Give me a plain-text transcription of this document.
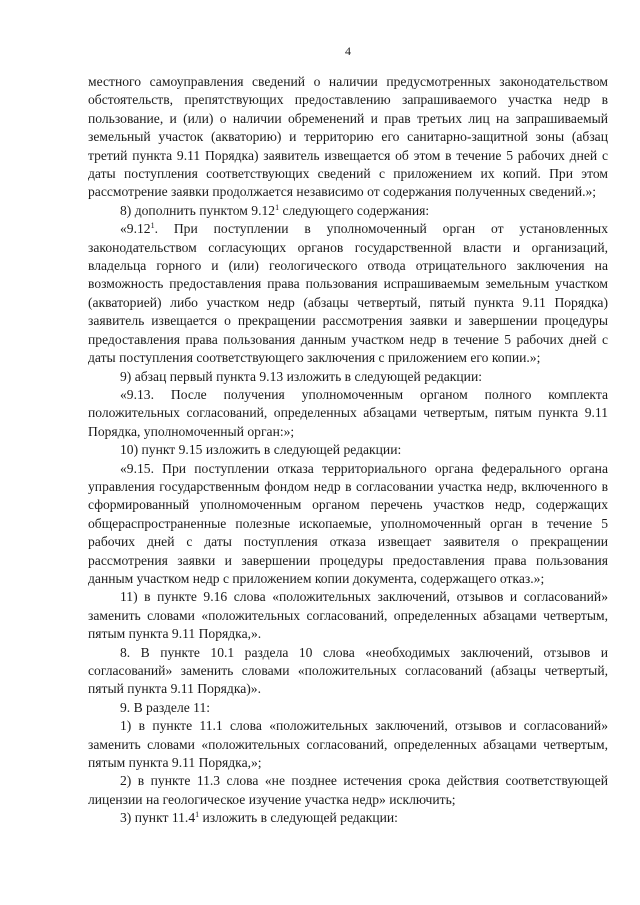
4

местного самоуправления сведений о наличии предусмотренных законодательством обстоятельств, препятствующих предоставлению запрашиваемого участка недр в пользование, и (или) о наличии обременений и прав третьих лиц на запрашиваемый земельный участок (акваторию) и территорию его санитарно-защитной зоны (абзац третий пункта 9.11 Порядка) заявитель извещается об этом в течение 5 рабочих дней с даты поступления соответствующих сведений с приложением их копий. При этом рассмотрение заявки продолжается независимо от содержания полученных сведений.»;

8) дополнить пунктом 9.12$^1$ следующего содержания:

«9.12$^1$. При поступлении в уполномоченный орган от установленных законодательством согласующих органов государственной власти и организаций, владельца горного и (или) геологического отвода отрицательного заключения на возможность предоставления права пользования испрашиваемым земельным участком (акваторией) либо участком недр (абзацы четвертый, пятый пункта 9.11 Порядка) заявитель извещается о прекращении рассмотрения заявки и завершении процедуры предоставления права пользования данным участком недр в течение 5 рабочих дней с даты поступления соответствующего заключения с приложением его копии.»;

9) абзац первый пункта 9.13 изложить в следующей редакции:

«9.13. После получения уполномоченным органом полного комплекта положительных согласований, определенных абзацами четвертым, пятым пункта 9.11 Порядка, уполномоченный орган:»;

10) пункт 9.15 изложить в следующей редакции:

«9.15. При поступлении отказа территориального органа федерального органа управления государственным фондом недр в согласовании участка недр, включенного в сформированный уполномоченным органом перечень участков недр, содержащих общераспространенные полезные ископаемые, уполномоченный орган в течение 5 рабочих дней с даты поступления отказа извещает заявителя о прекращении рассмотрения заявки и завершении процедуры предоставления права пользования данным участком недр с приложением копии документа, содержащего отказ.»;

11) в пункте 9.16 слова «положительных заключений, отзывов и согласований» заменить словами «положительных согласований, определенных абзацами четвертым, пятым пункта 9.11 Порядка,».

8. В пункте 10.1 раздела 10 слова «необходимых заключений, отзывов и согласований» заменить словами «положительных согласований (абзацы четвертый, пятый пункта 9.11 Порядка)».

9. В разделе 11:

1) в пункте 11.1 слова «положительных заключений, отзывов и согласований» заменить словами «положительных согласований, определенных абзацами четвертым, пятым пункта 9.11 Порядка,»;

2) в пункте 11.3 слова «не позднее истечения срока действия соответствующей лицензии на геологическое изучение участка недр» исключить;

3) пункт 11.4$^1$ изложить в следующей редакции:
